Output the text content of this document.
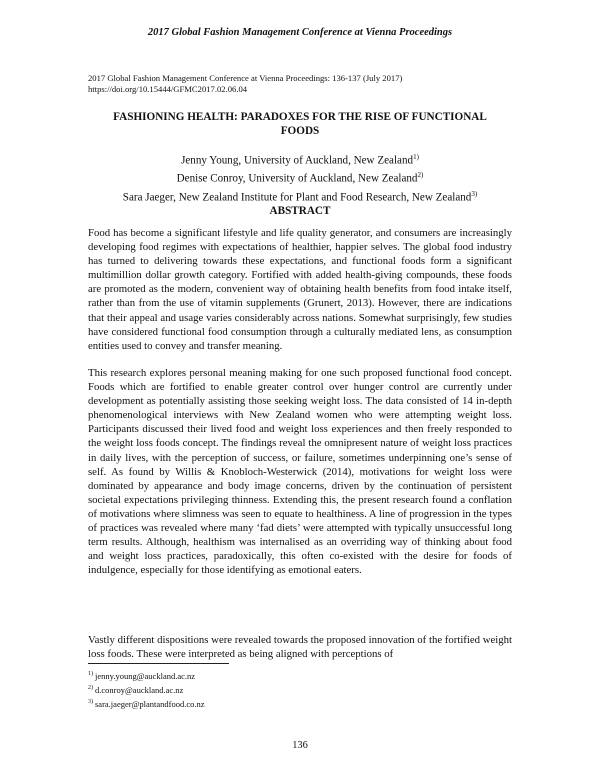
2017 Global Fashion Management Conference at Vienna Proceedings
2017 Global Fashion Management Conference at Vienna Proceedings: 136-137 (July 2017)
https://doi.org/10.15444/GFMC2017.02.06.04
FASHIONING HEALTH: PARADOXES FOR THE RISE OF FUNCTIONAL FOODS
Jenny Young, University of Auckland, New Zealand$^{1)}$
Denise Conroy, University of Auckland, New Zealand$^{2)}$
Sara Jaeger, New Zealand Institute for Plant and Food Research, New Zealand$^{3)}$
ABSTRACT

Food has become a significant lifestyle and life quality generator, and consumers are increasingly developing food regimes with expectations of healthier, happier selves. The global food industry has turned to delivering towards these expectations, and functional foods form a significant multimillion dollar growth category. Fortified with added health-giving compounds, these foods are promoted as the modern, convenient way of obtaining health benefits from food intake itself, rather than from the use of vitamin supplements (Grunert, 2013). However, there are indications that their appeal and usage varies considerably across nations. Somewhat surprisingly, few studies have considered functional food consumption through a culturally mediated lens, as consumption entities used to convey and transfer meaning.

This research explores personal meaning making for one such proposed functional food concept. Foods which are fortified to enable greater control over hunger control are currently under development as potentially assisting those seeking weight loss. The data consisted of 14 in-depth phenomenological interviews with New Zealand women who were attempting weight loss. Participants discussed their lived food and weight loss experiences and then freely responded to the weight loss foods concept. The findings reveal the omnipresent nature of weight loss practices in daily lives, with the perception of success, or failure, sometimes underpinning one’s sense of self. As found by Willis & Knobloch-Westerwick (2014), motivations for weight loss were dominated by appearance and body image concerns, driven by the continuation of persistent societal expectations privileging thinness. Extending this, the present research found a conflation of motivations where slimness was seen to equate to healthiness. A line of progression in the types of practices was revealed where many ‘fad diets’ were attempted with typically unsuccessful long term results. Although, healthism was internalised as an overriding way of thinking about food and weight loss practices, paradoxically, this often co-existed with the desire for foods of indulgence, especially for those identifying as emotional eaters.

Vastly different dispositions were revealed towards the proposed innovation of the fortified weight loss foods. These were interpreted as being aligned with perceptions of

$^{1)}$ jenny.young@auckland.ac.nz
$^{2)}$ d.conroy@auckland.ac.nz
$^{3)}$ sara.jaeger@plantandfood.co.nz
136
